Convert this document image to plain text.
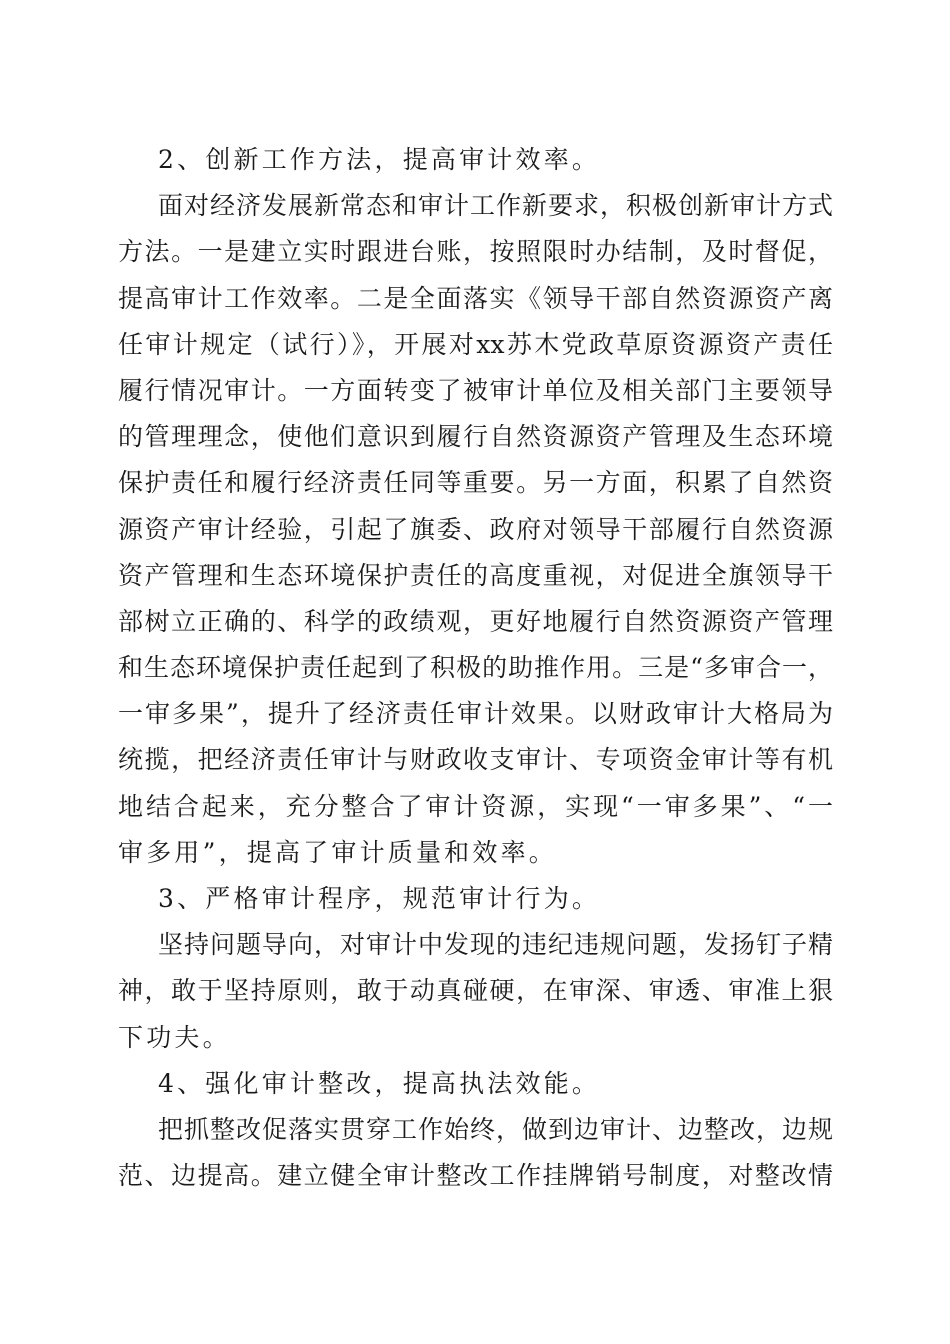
2、创新工作方法，提高审计效率。
面对经济发展新常态和审计工作新要求，积极创新审计方式
方法。一是建立实时跟进台账，按照限时办结制，及时督促，
提高审计工作效率。二是全面落实《领导干部自然资源资产离
任审计规定（试行）》，开展对xx苏木党政草原资源资产责任
履行情况审计。一方面转变了被审计单位及相关部门主要领导
的管理理念，使他们意识到履行自然资源资产管理及生态环境
保护责任和履行经济责任同等重要。另一方面，积累了自然资
源资产审计经验，引起了旗委、政府对领导干部履行自然资源
资产管理和生态环境保护责任的高度重视，对促进全旗领导干
部树立正确的、科学的政绩观，更好地履行自然资源资产管理
和生态环境保护责任起到了积极的助推作用。三是“多审合一，
一审多果”，提升了经济责任审计效果。以财政审计大格局为
统揽，把经济责任审计与财政收支审计、专项资金审计等有机
地结合起来，充分整合了审计资源，实现“一审多果”、“一
审多用”，提高了审计质量和效率。
3、严格审计程序，规范审计行为。
坚持问题导向，对审计中发现的违纪违规问题，发扬钉子精
神，敢于坚持原则，敢于动真碰硬，在审深、审透、审准上狠
下功夫。
4、强化审计整改，提高执法效能。
把抓整改促落实贯穿工作始终，做到边审计、边整改，边规
范、边提高。建立健全审计整改工作挂牌销号制度，对整改情
